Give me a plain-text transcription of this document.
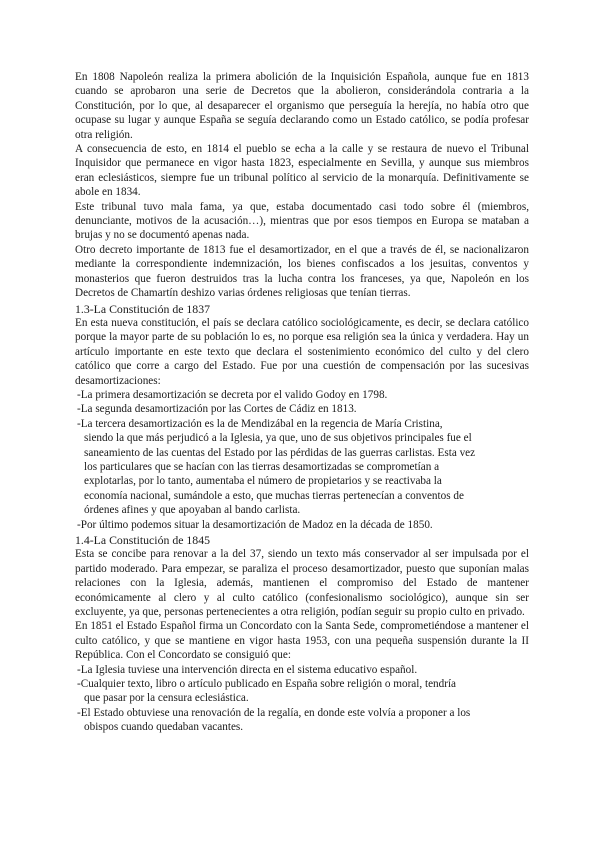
En 1808 Napoleón realiza la primera abolición de la Inquisición Española, aunque fue en 1813 cuando se aprobaron una serie de Decretos que la abolieron, considerándola contraria a la Constitución, por lo que, al desaparecer el organismo que perseguía la herejía, no había otro que ocupase su lugar y aunque España se seguía declarando como un Estado católico, se podía profesar otra religión.

A consecuencia de esto, en 1814 el pueblo se echa a la calle y se restaura de nuevo el Tribunal Inquisidor que permanece en vigor hasta 1823, especialmente en Sevilla, y aunque sus miembros eran eclesiásticos, siempre fue un tribunal político al servicio de la monarquía. Definitivamente se abole en 1834.

Este tribunal tuvo mala fama, ya que, estaba documentado casi todo sobre él (miembros, denunciante, motivos de la acusación…), mientras que por esos tiempos en Europa se mataban a brujas y no se documentó apenas nada.

Otro decreto importante de 1813 fue el desamortizador, en el que a través de él, se nacionalizaron mediante la correspondiente indemnización, los bienes confiscados a los jesuitas, conventos y monasterios que fueron destruidos tras la lucha contra los franceses, ya que, Napoleón en los Decretos de Chamartín deshizo varias órdenes religiosas que tenían tierras.

1.3-La Constitución de 1837

En esta nueva constitución, el país se declara católico sociológicamente, es decir, se declara católico porque la mayor parte de su población lo es, no porque esa religión sea la única y verdadera. Hay un artículo importante en este texto que declara el sostenimiento económico del culto y del clero católico que corre a cargo del Estado. Fue por una cuestión de compensación por las sucesivas desamortizaciones:

-La primera desamortización se decreta por el valido Godoy en 1798.

-La segunda desamortización por las Cortes de Cádiz en 1813.

-La tercera desamortización es la de Mendizábal en la regencia de María Cristina,

siendo la que más perjudicó a la Iglesia, ya que, uno de sus objetivos principales fue el

saneamiento de las cuentas del Estado por las pérdidas de las guerras carlistas. Esta vez

los particulares que se hacían con las tierras desamortizadas se comprometían a

explotarlas, por lo tanto, aumentaba el número de propietarios y se reactivaba la

economía nacional, sumándole a esto, que muchas tierras pertenecían a conventos de

órdenes afines y que apoyaban al bando carlista.

-Por último podemos situar la desamortización de Madoz en la década de 1850.

1.4-La Constitución de 1845

Esta se concibe para renovar a la del 37, siendo un texto más conservador al ser impulsada por el partido moderado. Para empezar, se paraliza el proceso desamortizador, puesto que suponían malas relaciones con la Iglesia, además, mantienen el compromiso del Estado de mantener económicamente al clero y al culto católico (confesionalismo sociológico), aunque sin ser excluyente, ya que, personas pertenecientes a otra religión, podían seguir su propio culto en privado.

En 1851 el Estado Español firma un Concordato con la Santa Sede, comprometiéndose a mantener el culto católico, y que se mantiene en vigor hasta 1953, con una pequeña suspensión durante la II República. Con el Concordato se consiguió que:

-La Iglesia tuviese una intervención directa en el sistema educativo español.

-Cualquier texto, libro o artículo publicado en España sobre religión o moral, tendría

que pasar por la censura eclesiástica.

-El Estado obtuviese una renovación de la regalía, en donde este volvía a proponer a los

obispos cuando quedaban vacantes.
